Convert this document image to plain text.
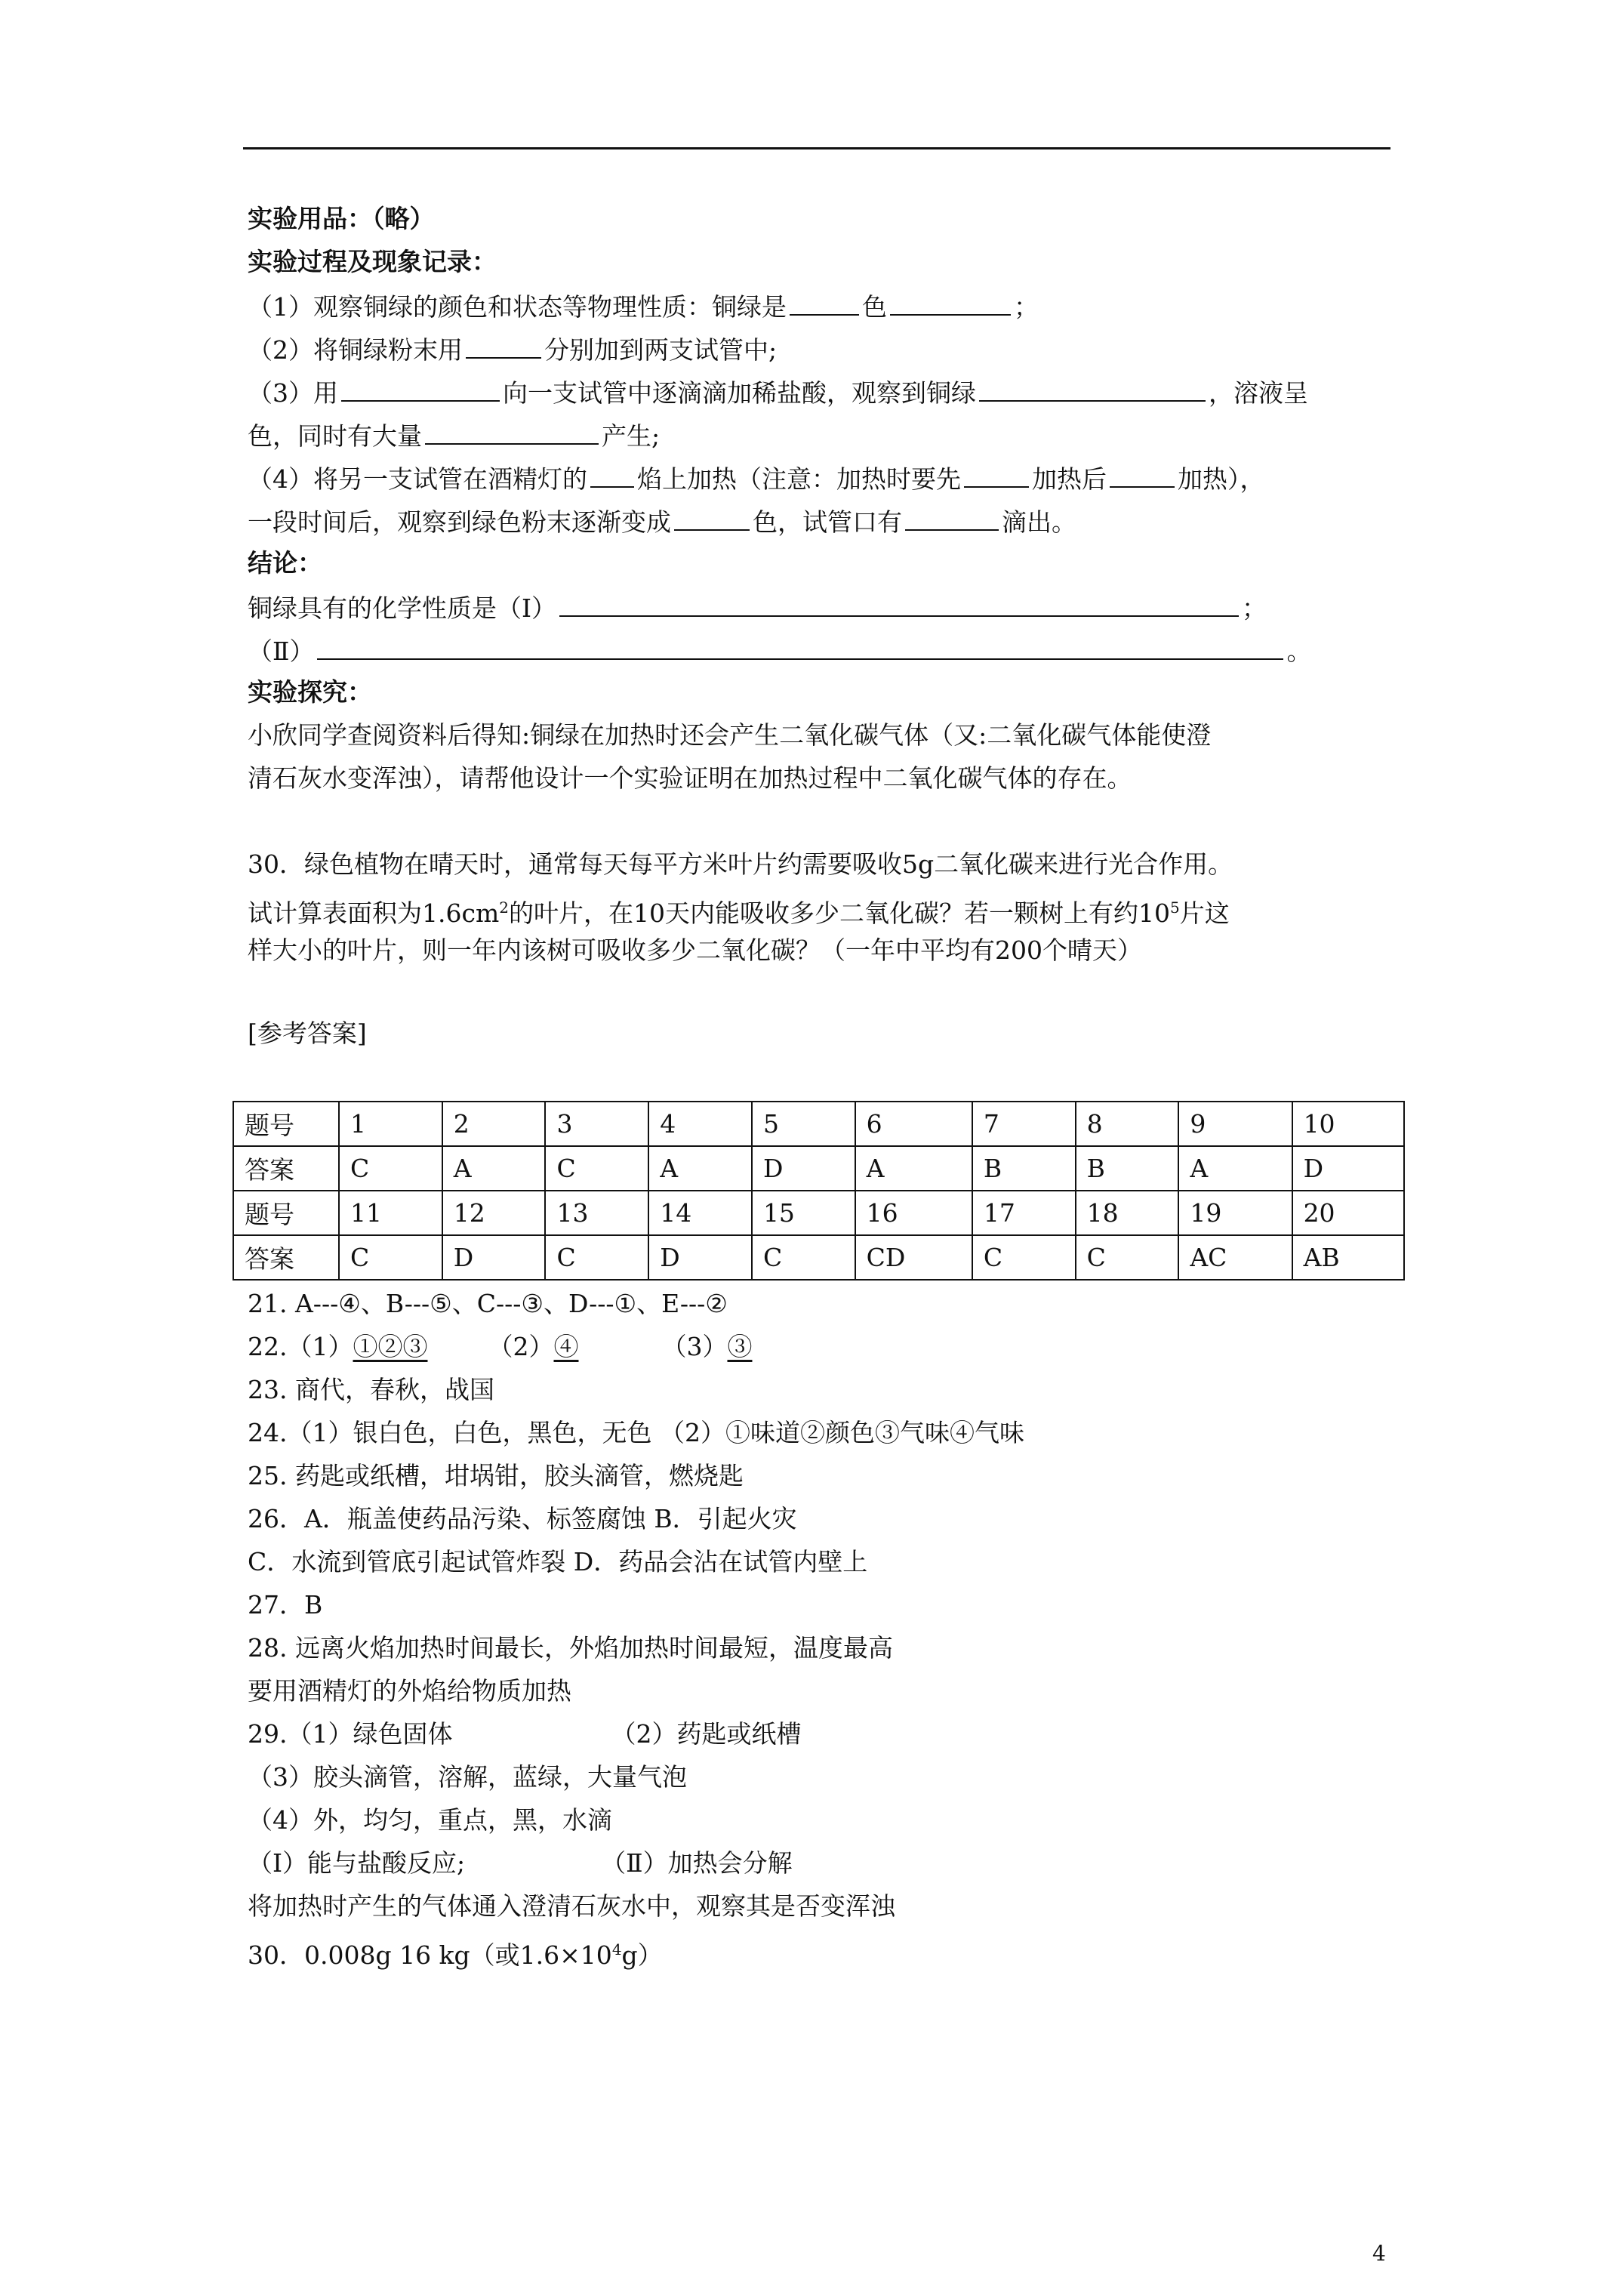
实验用品：（略）
实验过程及现象记录：
（1）观察铜绿的颜色和状态等物理性质：铜绿是	色	；
（2）将铜绿粉末用	分别加到两支试管中;
（3）用	向一支试管中逐滴滴加稀盐酸，观察到铜绿	，溶液呈
色，同时有大量	产生;
（4）将另一支试管在酒精灯的 焰上加热（注意：加热时要先	加热后	加热），
一段时间后，观察到绿色粉末逐渐变成	色，试管口有	滴出。
结论：
铜绿具有的化学性质是（Ⅰ）	；
（Ⅱ）	。
实验探究：
小欣同学查阅资料后得知:铜绿在加热时还会产生二氧化碳气体（又:二氧化碳气体能使澄
清石灰水变浑浊），请帮他设计一个实验证明在加热过程中二氧化碳气体的存在。
30．绿色植物在晴天时，通常每天每平方米叶片约需要吸收5g二氧化碳来进行光合作用。
试计算表面积为$1.6cm^2$的叶片，在10天内能吸收多少二氧化碳？若一颗树上有约$10^5$片这
样大小的叶片，则一年内该树可吸收多少二氧化碳？（一年中平均有200个晴天）
[参考答案]
题号	1	2	3	4	5	6	7	8	9	10
答案	C	A	C	A	D	A	B	B	A	D
题号	11	12	13	14	15	16	17	18	19	20
答案	C	D	C	D	C	CD	C	C	AC	AB
21. A---④、B---⑤、C---③、D---①、E---②
22.（1）①②③ （2）④	（3）③
23. 商代，春秋，战国
24.（1）银白色，白色，黑色，无色 （2）①味道②颜色③气味④气味
25. 药匙或纸槽，坩埚钳，胶头滴管，燃烧匙
26．A．瓶盖使药品污染、标签腐蚀 B．引起火灾
C．水流到管底引起试管炸裂 D．药品会沾在试管内壁上
27．B
28. 远离火焰加热时间最长，外焰加热时间最短，温度最高
要用酒精灯的外焰给物质加热
29.（1）绿色固体	（2）药匙或纸槽
（3）胶头滴管，溶解，蓝绿，大量气泡
（4）外，均匀，重点，黑，水滴
（Ⅰ）能与盐酸反应;	（Ⅱ）加热会分解
将加热时产生的气体通入澄清石灰水中，观察其是否变浑浊
30．0.008g 16 kg（或$1.6\times 10^4g$）
4
